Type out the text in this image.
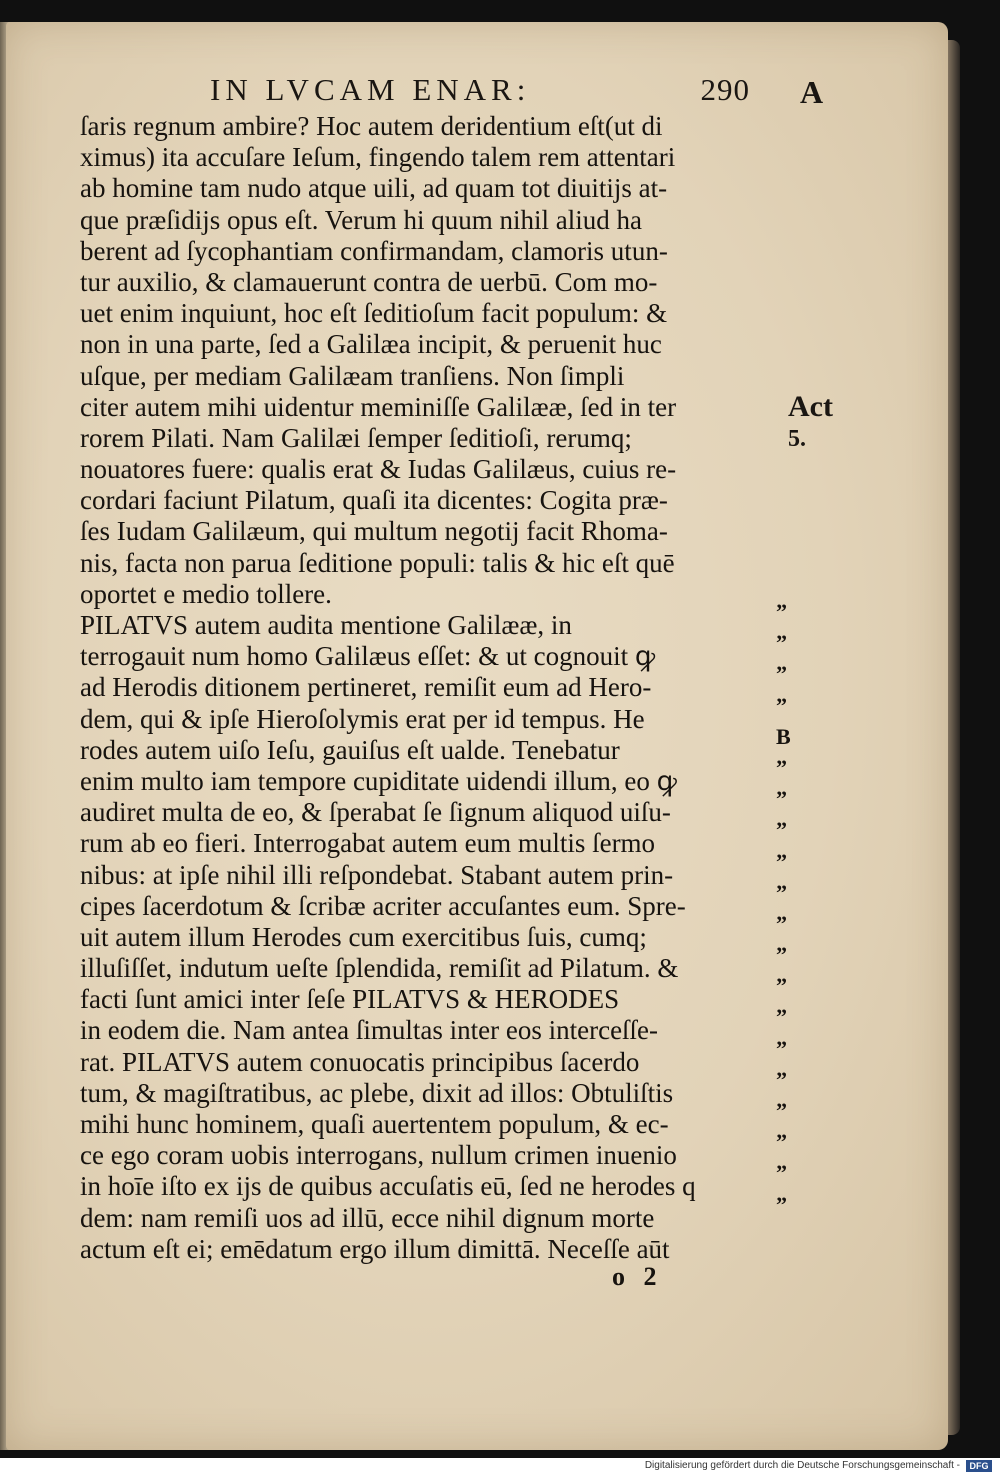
IN LVCAM ENAR:	290 A
ſaris regnum ambire? Hoc autem deridentium eſt(ut di
ximus) ita accuſare Ieſum, fingendo talem rem attentari
ab homine tam nudo atque uili, ad quam tot diuitijs at-
que præſidijs opus eſt. Verum hi quum nihil aliud ha
berent ad ſycophantiam confirmandam, clamoris utun-
tur auxilio, & clamauerunt contra de uerbū. Com mo-
uet enim inquiunt, hoc eſt ſeditioſum facit populum: &
non in una parte, ſed a Galilæa incipit, & peruenit huc
uſque, per mediam Galilæam tranſiens. Non ſimpli
citer autem mihi uidentur meminiſſe Galilææ, ſed in ter
rorem Pilati. Nam Galilæi ſemper ſeditioſi, rerumq;
nouatores fuere: qualis erat & Iudas Galilæus, cuius re-
cordari faciunt Pilatum, quaſi ita dicentes: Cogita præ-
ſes Iudam Galilæum, qui multum negotij facit Rhoma-
nis, facta non parua ſeditione populi: talis & hic eſt quē
oportet e medio tollere.
PILATVS autem audita mentione Galilææ, in
terrogauit num homo Galilæus eſſet: & ut cognouit ꝙ
ad Herodis ditionem pertineret, remiſit eum ad Hero-
dem, qui & ipſe Hieroſolymis erat per id tempus. He
rodes autem uiſo Ieſu, gauiſus eſt ualde. Tenebatur
enim multo iam tempore cupiditate uidendi illum, eo ꝙ
audiret multa de eo, & ſperabat ſe ſignum aliquod uiſu-
rum ab eo fieri. Interrogabat autem eum multis ſermo
nibus: at ipſe nihil illi reſpondebat. Stabant autem prin-
cipes ſacerdotum & ſcribæ acriter accuſantes eum. Spre-
uit autem illum Herodes cum exercitibus ſuis, cumq;
illuſiſſet, indutum ueſte ſplendida, remiſit ad Pilatum. &
facti ſunt amici inter ſeſe PILATVS & HERODES
in eodem die. Nam antea ſimultas inter eos interceſſe-
rat. PILATVS autem conuocatis principibus ſacerdo
tum, & magiſtratibus, ac plebe, dixit ad illos: Obtuliſtis
mihi hunc hominem, quaſi auertentem populum, & ec-
ce ego coram uobis interrogans, nullum crimen inuenio
in hoīe iſto ex ijs de quibus accuſatis eū, ſed ne herodes q
dem: nam remiſi uos ad illū, ecce nihil dignum morte
actum eſt ei; emēdatum ergo illum dimittā. Neceſſe aūt
Act
5.
”
”
”
”
B
”
”
”
”
”
”
”
”
”
”
”
”
”
”
”
o 2
Digitalisierung gefördert durch die Deutsche Forschungsgemeinschaft -	DFG
